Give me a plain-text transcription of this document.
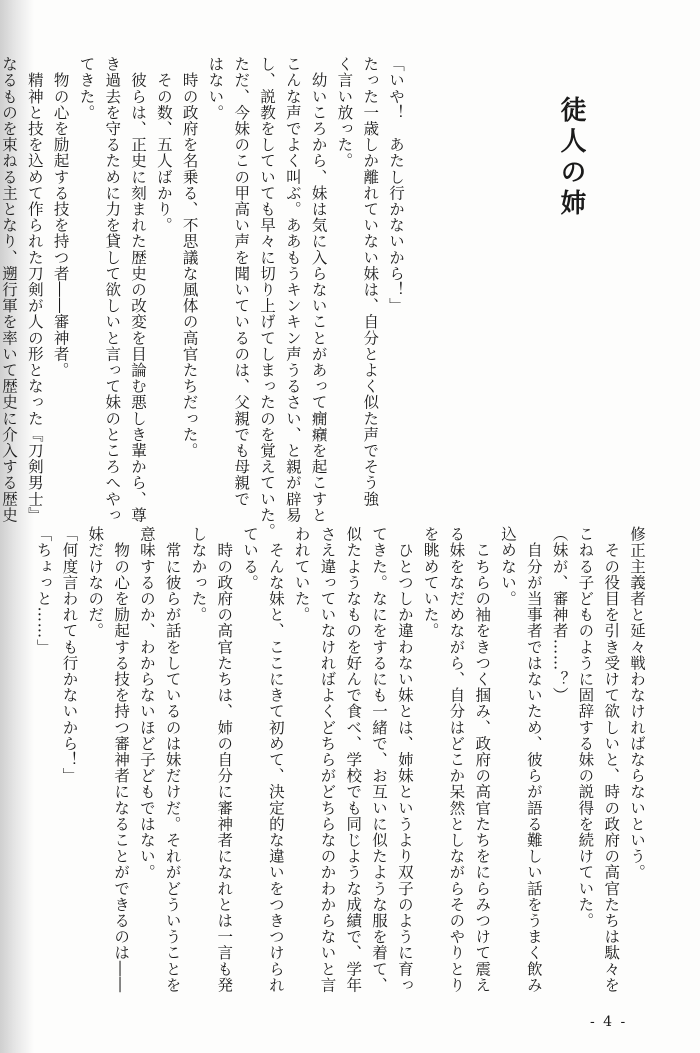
徒人の姉
「いや！　あたし行かないから！」
たった一歳しか離れていない妹は、自分とよく似た声でそう強
く言い放った。
　幼いころから、妹は気に入らないことがあって癇癪を起こすと
こんな声でよく叫ぶ。ああもうキンキン声うるさい、と親が辟易
し、説教をしていても早々に切り上げてしまったのを覚えていた。
ただ、今妹のこの甲高い声を聞いているのは、父親でも母親で
はない。
　時の政府を名乗る、不思議な風体の高官たちだった。
　その数、五人ばかり。
　彼らは、正史に刻まれた歴史の改変を目論む悪しき輩から、尊
き過去を守るために力を貸して欲しいと言って妹のところへやっ
てきた。
　物の心を励起する技を持つ者――審神者。
　精神と技を込めて作られた刀剣が人の形となった『刀剣男士』
なるものを束ねる主となり、遡行軍を率いて歴史に介入する歴史
修正主義者と延々戦わなければならないという。
　その役目を引き受けて欲しいと、時の政府の高官たちは駄々を
こねる子どものように固辞する妹の説得を続けていた。
（妹が、審神者……？）
　自分が当事者ではないため、彼らが語る難しい話をうまく飲み
込めない。
　こちらの袖をきつく掴み、政府の高官たちをにらみつけて震え
る妹をなだめながら、自分はどこか呆然としながらそのやりとり
を眺めていた。
　ひとつしか違わない妹とは、姉妹というより双子のように育っ
てきた。なにをするにも一緒で、お互いに似たような服を着て、
似たようなものを好んで食べ、学校でも同じような成績で、学年
さえ違っていなければよくどちらがどちらなのかわからないと言
われていた。
　そんな妹と、ここにきて初めて、決定的な違いをつきつけられ
ている。
　時の政府の高官たちは、姉の自分に審神者になれとは一言も発
しなかった。
　常に彼らが話をしているのは妹だけだ。それがどういうことを
意味するのか、わからないほど子どもではない。
　物の心を励起する技を持つ審神者になることができるのは――
妹だけなのだ。
「何度言われても行かないから！」
「ちょっと……」
- 4 -
